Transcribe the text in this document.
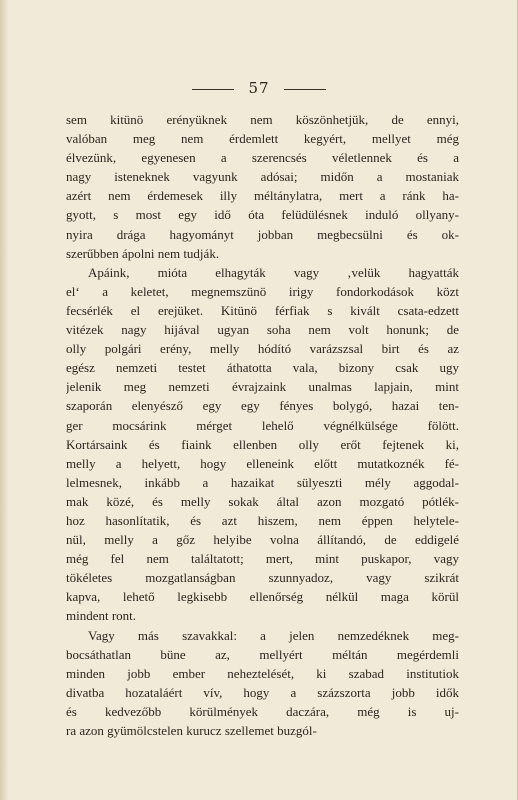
57
sem kitünö erényüknek nem köszönhetjük, de ennyi,
valóban meg nem érdemlett kegyért, mellyet még
élvezünk, egyenesen a szerencsés véletlennek és a
nagy isteneknek vagyunk adósai; midőn a mostaniak
azért nem érdemesek illy méltánylatra, mert a ránk ha-
gyott, s most egy idő óta felüdülésnek induló ollyany-
nyira drága hagyományt jobban megbecsülni és ok-
szerűbben ápolni nem tudják.
Apáink, mióta elhagyták vagy ‚velük hagyatták
el‘ a keletet, megnemszünö irigy fondorkodások közt
fecsérlék el erejüket. Kitünö férfiak s kivált csata-edzett
vitézek nagy hijával ugyan soha nem volt honunk; de
olly polgári erény, melly hódító varázszsal birt és az
egész nemzeti testet áthatotta vala, bizony csak ugy
jelenik meg nemzeti évrajzaink unalmas lapjain, mint
szaporán elenyésző egy egy fényes bolygó, hazai ten-
ger mocsárink mérget lehelő végnélkülsége fölött.
Kortársaink és fiaink ellenben olly erőt fejtenek ki,
melly a helyett, hogy elleneink előtt mutatkoznék fé-
lelmesnek, inkább a hazaikat sülyeszti mély aggodal-
mak közé, és melly sokak által azon mozgató pótlék-
hoz hasonlítatik, és azt hiszem, nem éppen helytele-
nül, melly a gőz helyibe volna állítandó, de eddigelé
még fel nem találtatott; mert, mint puskapor, vagy
tökéletes mozgatlanságban szunnyadoz, vagy szikrát
kapva, lehető legkisebb ellenőrség nélkül maga körül
mindent ront.
Vagy más szavakkal: a jelen nemzedéknek meg-
bocsáthatlan büne az, mellyért méltán megérdemli
minden jobb ember neheztelését, ki szabad institutiok
divatba hozataláért vív, hogy a százszorta jobb idők
és kedvezőbb körülmények daczára, még is uj-
ra azon gyümölcstelen kurucz szellemet buzgól-
